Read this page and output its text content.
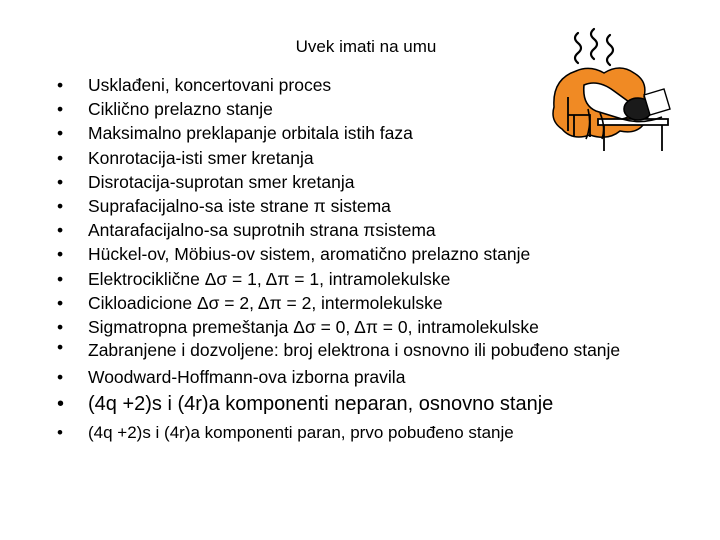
Uvek imati na umu
• Usklađeni, koncertovani proces
• Ciklično prelazno stanje
• Maksimalno preklapanje orbitala istih faza
• Konrotacija-isti smer kretanja
• Disrotacija-suprotan smer kretanja
• Suprafacijalno-sa iste strane π sistema
• Antarafacijalno-sa suprotnih strana πsistema
• Hückel-ov, Möbius-ov sistem, aromatično prelazno stanje
• Elektrociklične Δσ = 1, Δπ = 1, intramolekulske
• Cikloadicione Δσ = 2, Δπ = 2, intermolekulske
• Sigmatropna premeštanja Δσ = 0, Δπ = 0, intramolekulske
• Zabranjene i dozvoljene: broj elektrona i osnovno ili pobuđeno stanje
• Woodward-Hoffmann-ova izborna pravila
• (4q +2)s i (4r)a komponenti neparan, osnovno stanje
• (4q +2)s i (4r)a komponenti paran, prvo pobuđeno stanje
